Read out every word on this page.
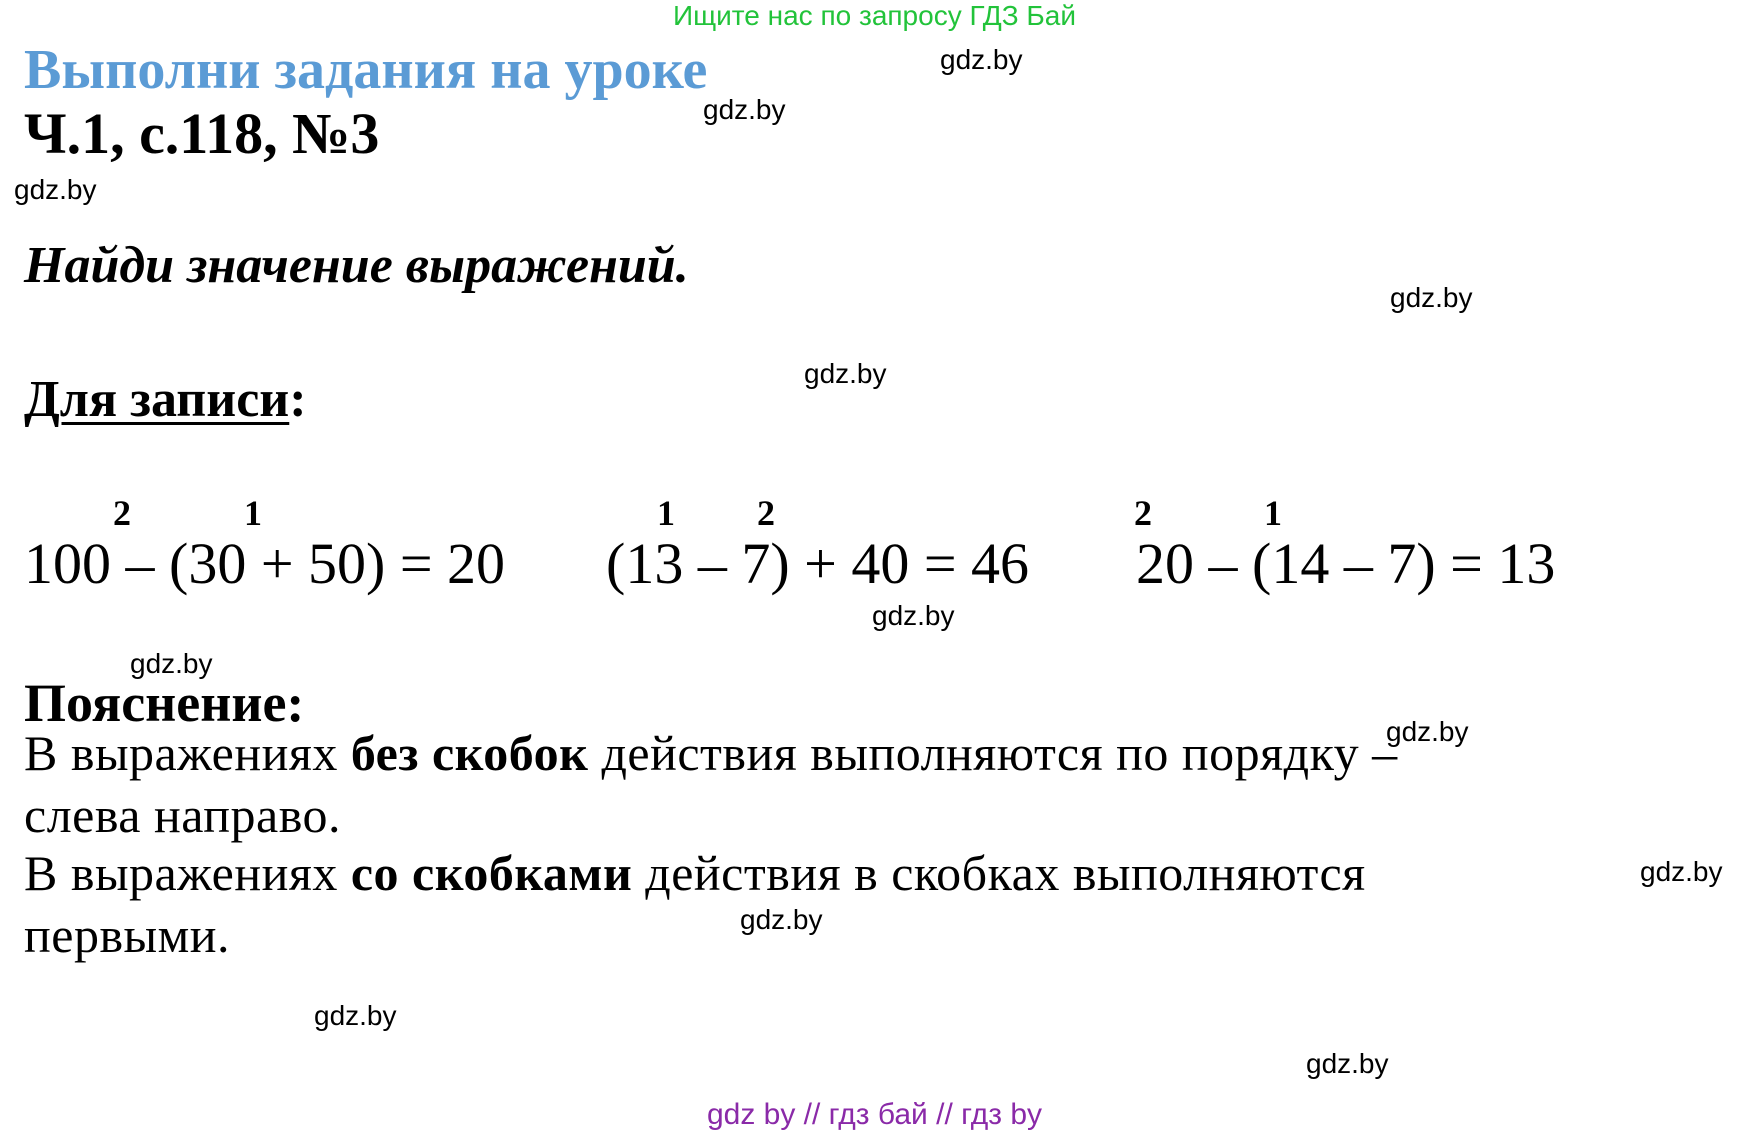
Ищите нас по запросу ГДЗ Бай
Выполни задания на уроке
Ч.1, с.118, №3
Найди значение выражений.
Для записи:
2	1
100 – (30 + 50) = 20
1 2
(13 – 7) + 40 = 46
2	1
20 – (14 – 7) = 13
Пояснение:
В выражениях без скобок действия выполняются по порядку –
слева направо.
В выражениях со скобками действия в скобках выполняются
первыми.
gdz.by
gdz.by
gdz.by
gdz.by
gdz.by
gdz.by
gdz.by
gdz.by
gdz.by
gdz.by
gdz.by
gdz.by
gdz by // гдз бай // гдз by
